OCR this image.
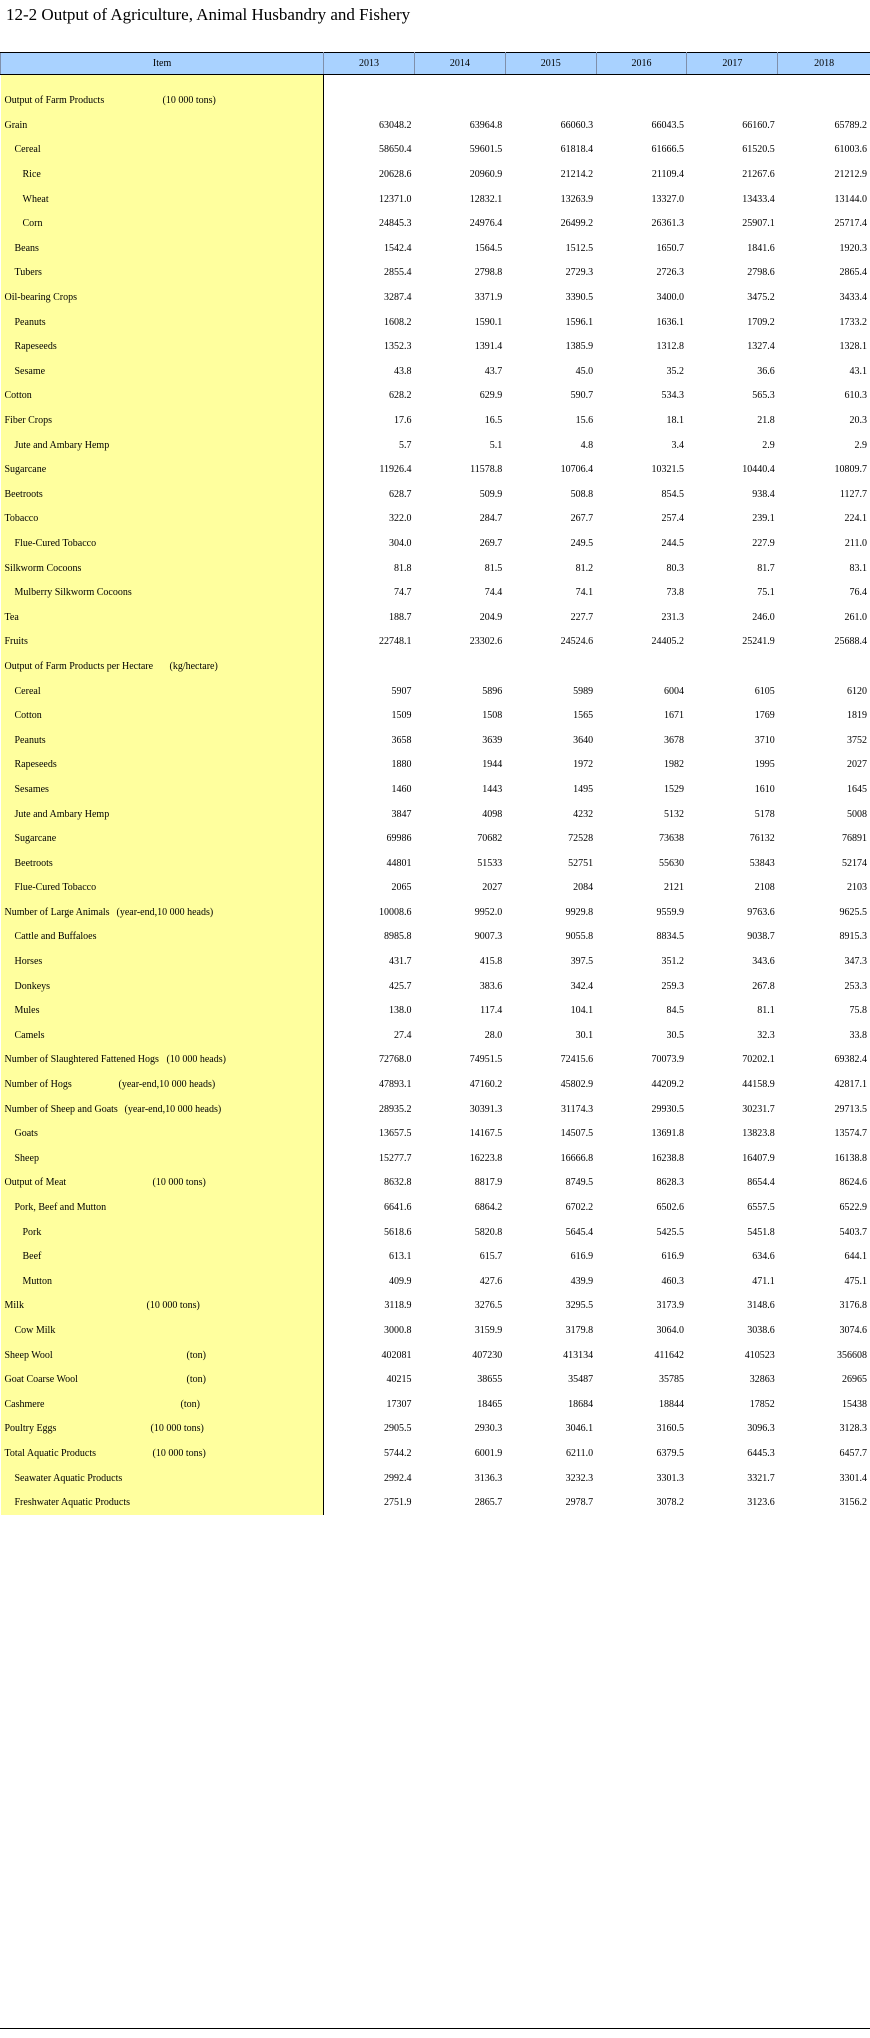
12-2 Output of Agriculture, Animal Husbandry and Fishery
Item	2013	2014	2015	2016	2017	2018

Output of Farm Products (10 000 tons)						

Grain	63048.2	63964.8	66060.3	66043.5	66160.7	65789.2

Cereal	58650.4	59601.5	61818.4	61666.5	61520.5	61003.6

Rice	20628.6	20960.9	21214.2	21109.4	21267.6	21212.9

Wheat	12371.0	12832.1	13263.9	13327.0	13433.4	13144.0

Corn	24845.3	24976.4	26499.2	26361.3	25907.1	25717.4

Beans	1542.4	1564.5	1512.5	1650.7	1841.6	1920.3

Tubers	2855.4	2798.8	2729.3	2726.3	2798.6	2865.4

Oil-bearing Crops	3287.4	3371.9	3390.5	3400.0	3475.2	3433.4

Peanuts	1608.2	1590.1	1596.1	1636.1	1709.2	1733.2

Rapeseeds	1352.3	1391.4	1385.9	1312.8	1327.4	1328.1

Sesame	43.8	43.7	45.0	35.2	36.6	43.1

Cotton	628.2	629.9	590.7	534.3	565.3	610.3

Fiber Crops	17.6	16.5	15.6	18.1	21.8	20.3

Jute and Ambary Hemp	5.7	5.1	4.8	3.4	2.9	2.9

Sugarcane	11926.4	11578.8	10706.4	10321.5	10440.4	10809.7

Beetroots	628.7	509.9	508.8	854.5	938.4	1127.7

Tobacco	322.0	284.7	267.7	257.4	239.1	224.1

Flue-Cured Tobacco	304.0	269.7	249.5	244.5	227.9	211.0

Silkworm Cocoons	81.8	81.5	81.2	80.3	81.7	83.1

Mulberry Silkworm Cocoons	74.7	74.4	74.1	73.8	75.1	76.4

Tea	188.7	204.9	227.7	231.3	246.0	261.0

Fruits	22748.1	23302.6	24524.6	24405.2	25241.9	25688.4

Output of Farm Products per Hectare (kg/hectare)						

Cereal	5907	5896	5989	6004	6105	6120

Cotton	1509	1508	1565	1671	1769	1819

Peanuts	3658	3639	3640	3678	3710	3752

Rapeseeds	1880	1944	1972	1982	1995	2027

Sesames	1460	1443	1495	1529	1610	1645

Jute and Ambary Hemp	3847	4098	4232	5132	5178	5008

Sugarcane	69986	70682	72528	73638	76132	76891

Beetroots	44801	51533	52751	55630	53843	52174

Flue-Cured Tobacco	2065	2027	2084	2121	2108	2103

Number of Large Animals (year-end,10 000 heads)	10008.6	9952.0	9929.8	9559.9	9763.6	9625.5

Cattle and Buffaloes	8985.8	9007.3	9055.8	8834.5	9038.7	8915.3

Horses	431.7	415.8	397.5	351.2	343.6	347.3

Donkeys	425.7	383.6	342.4	259.3	267.8	253.3

Mules	138.0	117.4	104.1	84.5	81.1	75.8

Camels	27.4	28.0	30.1	30.5	32.3	33.8

Number of Slaughtered Fattened Hogs (10 000 heads)	72768.0	74951.5	72415.6	70073.9	70202.1	69382.4

Number of Hogs (year-end,10 000 heads)	47893.1	47160.2	45802.9	44209.2	44158.9	42817.1

Number of Sheep and Goats (year-end,10 000 heads)	28935.2	30391.3	31174.3	29930.5	30231.7	29713.5

Goats	13657.5	14167.5	14507.5	13691.8	13823.8	13574.7

Sheep	15277.7	16223.8	16666.8	16238.8	16407.9	16138.8

Output of Meat (10 000 tons)	8632.8	8817.9	8749.5	8628.3	8654.4	8624.6

Pork, Beef and Mutton	6641.6	6864.2	6702.2	6502.6	6557.5	6522.9

Pork	5618.6	5820.8	5645.4	5425.5	5451.8	5403.7

Beef	613.1	615.7	616.9	616.9	634.6	644.1

Mutton	409.9	427.6	439.9	460.3	471.1	475.1

Milk (10 000 tons)	3118.9	3276.5	3295.5	3173.9	3148.6	3176.8

Cow Milk	3000.8	3159.9	3179.8	3064.0	3038.6	3074.6

Sheep Wool (ton)	402081	407230	413134	411642	410523	356608

Goat Coarse Wool (ton)	40215	38655	35487	35785	32863	26965

Cashmere (ton)	17307	18465	18684	18844	17852	15438

Poultry Eggs (10 000 tons)	2905.5	2930.3	3046.1	3160.5	3096.3	3128.3

Total Aquatic Products (10 000 tons)	5744.2	6001.9	6211.0	6379.5	6445.3	6457.7

Seawater Aquatic Products	2992.4	3136.3	3232.3	3301.3	3321.7	3301.4

Freshwater Aquatic Products	2751.9	2865.7	2978.7	3078.2	3123.6	3156.2
